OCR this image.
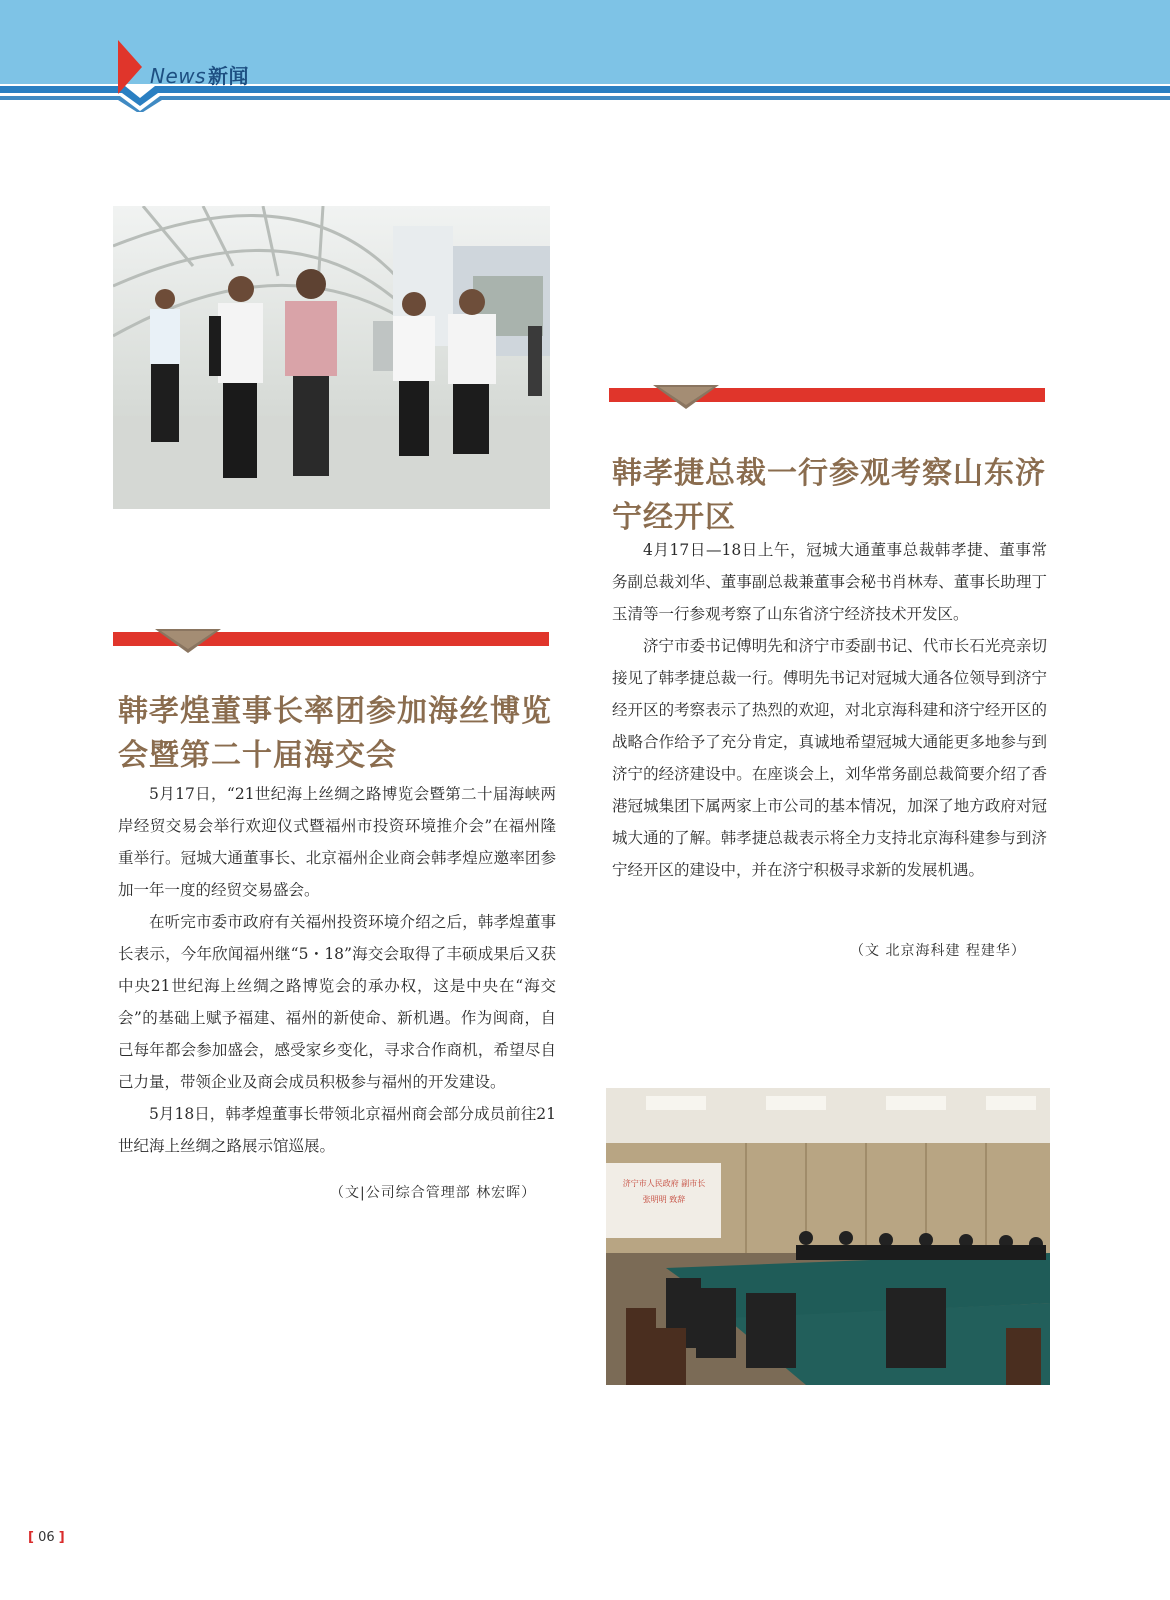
News 新闻
韩孝捷总裁一行参观考察山东济宁经开区

4月17日—18日上午，冠城大通董事总裁韩孝捷、董事常务副总裁刘华、董事副总裁兼董事会秘书肖林寿、董事长助理丁玉清等一行参观考察了山东省济宁经济技术开发区。

济宁市委书记傅明先和济宁市委副书记、代市长石光亮亲切接见了韩孝捷总裁一行。傅明先书记对冠城大通各位领导到济宁经开区的考察表示了热烈的欢迎，对北京海科建和济宁经开区的战略合作给予了充分肯定，真诚地希望冠城大通能更多地参与到济宁的经济建设中。在座谈会上，刘华常务副总裁简要介绍了香港冠城集团下属两家上市公司的基本情况，加深了地方政府对冠城大通的了解。韩孝捷总裁表示将全力支持北京海科建参与到济宁经开区的建设中，并在济宁积极寻求新的发展机遇。

（文 北京海科建 程建华）
韩孝煌董事长率团参加海丝博览会暨第二十届海交会

5月17日，“21世纪海上丝绸之路博览会暨第二十届海峡两岸经贸交易会举行欢迎仪式暨福州市投资环境推介会”在福州隆重举行。冠城大通董事长、北京福州企业商会韩孝煌应邀率团参加一年一度的经贸交易盛会。

在听完市委市政府有关福州投资环境介绍之后，韩孝煌董事长表示，今年欣闻福州继“5・18”海交会取得了丰硕成果后又获中央21世纪海上丝绸之路博览会的承办权，这是中央在“海交会”的基础上赋予福建、福州的新使命、新机遇。作为闽商，自己每年都会参加盛会，感受家乡变化，寻求合作商机，希望尽自己力量，带领企业及商会成员积极参与福州的开发建设。

5月18日，韩孝煌董事长带领北京福州商会部分成员前往21世纪海上丝绸之路展示馆巡展。

（文|公司综合管理部 林宏晖）
济宁市人民政府 副市长
张明明 致辞
[ 06 ]
